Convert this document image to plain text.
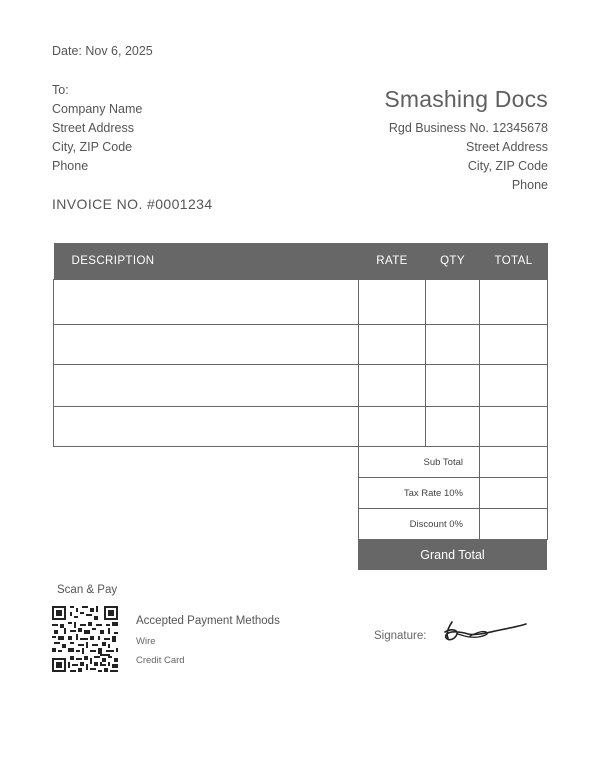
Date: Nov 6, 2025
To:
Company Name
Street Address
City, ZIP Code
Phone
Smashing Docs
Rgd Business No. 12345678
Street Address
City, ZIP Code
Phone
INVOICE NO. #0001234
DESCRIPTION	RATE	QTY	TOTAL

Sub Total	
Tax Rate 10%	
Discount 0%	
Grand Total
Scan & Pay
Accepted Payment Methods
Wire
Credit Card
Signature:
